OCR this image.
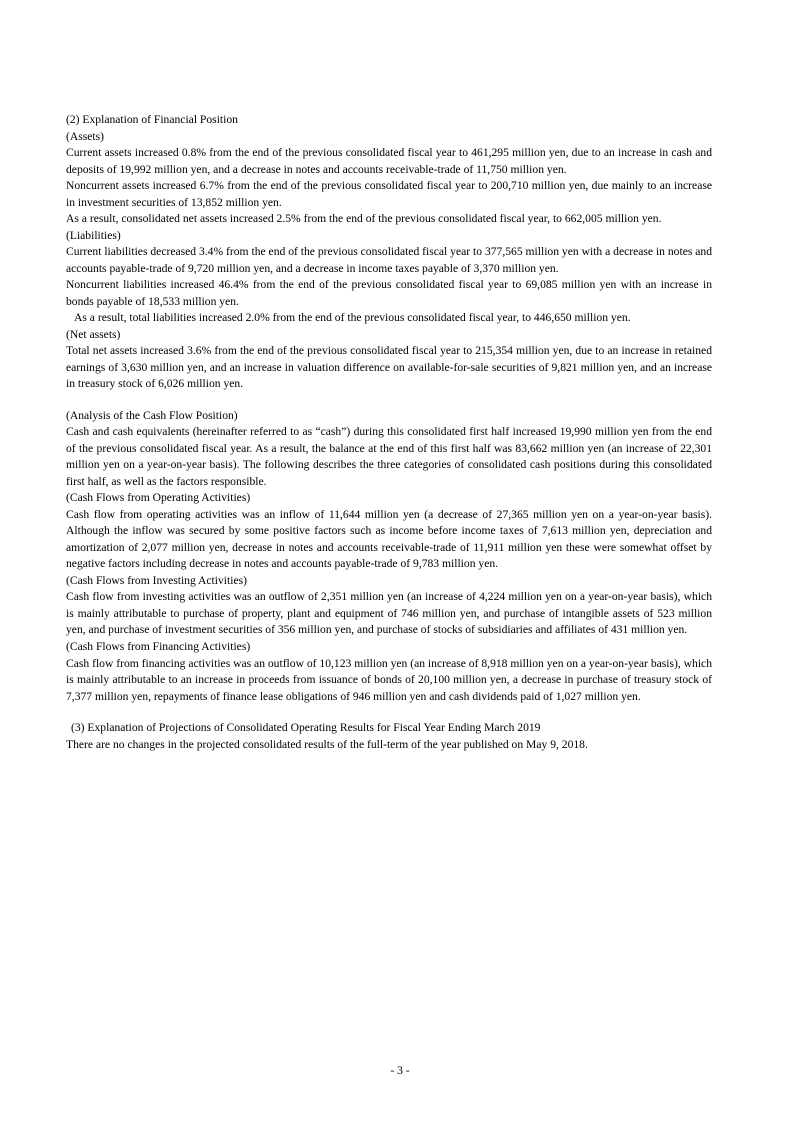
(2) Explanation of Financial Position

(Assets)

Current assets increased 0.8% from the end of the previous consolidated fiscal year to 461,295 million yen, due to an increase in cash and deposits of 19,992 million yen, and a decrease in notes and accounts receivable-trade of 11,750 million yen.

Noncurrent assets increased 6.7% from the end of the previous consolidated fiscal year to 200,710 million yen, due mainly to an increase in investment securities of 13,852 million yen.

As a result, consolidated net assets increased 2.5% from the end of the previous consolidated fiscal year, to 662,005 million yen.

(Liabilities)

Current liabilities decreased 3.4% from the end of the previous consolidated fiscal year to 377,565 million yen with a decrease in notes and accounts payable-trade of 9,720 million yen, and a decrease in income taxes payable of 3,370 million yen.

Noncurrent liabilities increased 46.4% from the end of the previous consolidated fiscal year to 69,085 million yen with an increase in bonds payable of 18,533 million yen.

As a result, total liabilities increased 2.0% from the end of the previous consolidated fiscal year, to 446,650 million yen.

(Net assets)

Total net assets increased 3.6% from the end of the previous consolidated fiscal year to 215,354 million yen, due to an increase in retained earnings of 3,630 million yen, and an increase in valuation difference on available-for-sale securities of 9,821 million yen, and an increase in treasury stock of 6,026 million yen.

(Analysis of the Cash Flow Position)

Cash and cash equivalents (hereinafter referred to as “cash”) during this consolidated first half increased 19,990 million yen from the end of the previous consolidated fiscal year. As a result, the balance at the end of this first half was 83,662 million yen (an increase of 22,301 million yen on a year-on-year basis). The following describes the three categories of consolidated cash positions during this consolidated first half, as well as the factors responsible.

(Cash Flows from Operating Activities)

Cash flow from operating activities was an inflow of 11,644 million yen (a decrease of 27,365 million yen on a year-on-year basis). Although the inflow was secured by some positive factors such as income before income taxes of 7,613 million yen, depreciation and amortization of 2,077 million yen, decrease in notes and accounts receivable-trade of 11,911 million yen these were somewhat offset by negative factors including decrease in notes and accounts payable-trade of 9,783 million yen.

(Cash Flows from Investing Activities)

Cash flow from investing activities was an outflow of 2,351 million yen (an increase of 4,224 million yen on a year-on-year basis), which is mainly attributable to purchase of property, plant and equipment of 746 million yen, and purchase of intangible assets of 523 million yen, and purchase of investment securities of 356 million yen, and purchase of stocks of subsidiaries and affiliates of 431 million yen.

(Cash Flows from Financing Activities)

Cash flow from financing activities was an outflow of 10,123 million yen (an increase of 8,918 million yen on a year-on-year basis), which is mainly attributable to an increase in proceeds from issuance of bonds of 20,100 million yen, a decrease in purchase of treasury stock of 7,377 million yen, repayments of finance lease obligations of 946 million yen and cash dividends paid of 1,027 million yen.

(3) Explanation of Projections of Consolidated Operating Results for Fiscal Year Ending March 2019

There are no changes in the projected consolidated results of the full-term of the year published on May 9, 2018.

- 3 -
